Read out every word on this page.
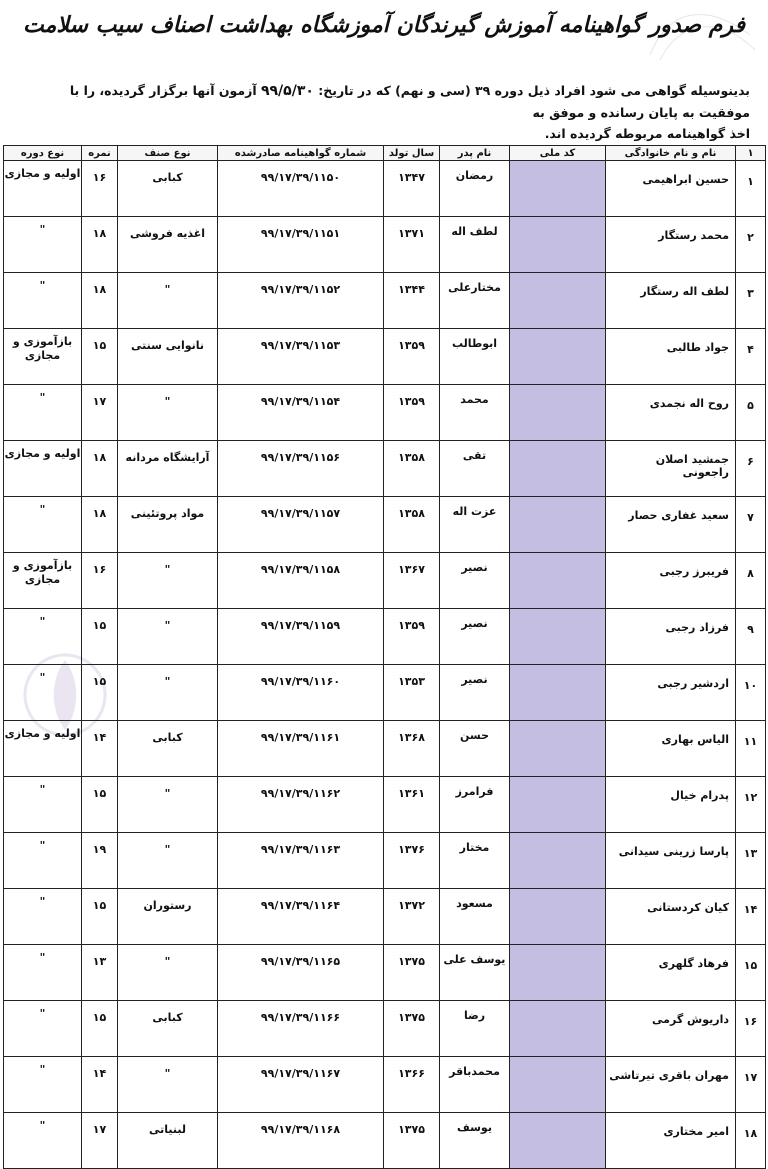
فرم صدور گواهینامه آموزش گیرندگان آموزشگاه بهداشت اصناف سیب سلامت
بدینوسیله گواهی می شود افراد ذیل دوره ۳۹ (سی و نهم) که در تاریخ: ۹۹/۵/۳۰ آزمون آنها برگزار گردیده، را با موفقیت به پایان رسانده و موفق به
اخذ گواهینامه مربوطه گردیده اند.
۱	نام و نام خانوادگی	کد ملی	نام پدر	سال تولد	شماره گواهینامه صادرشده	نوع صنف	نمره	نوع دوره
۱	حسین ابراهیمی		رمضان	۱۳۴۷	۹۹/۱۷/۳۹/۱۱۵۰	کبابی	۱۶	اولیه و مجازی
۲	محمد رستگار		لطف اله	۱۳۷۱	۹۹/۱۷/۳۹/۱۱۵۱	اغذیه فروشی	۱۸	"
۳	لطف اله رستگار		مختارعلی	۱۳۴۴	۹۹/۱۷/۳۹/۱۱۵۲	"	۱۸	"
۴	جواد طالبی		ابوطالب	۱۳۵۹	۹۹/۱۷/۳۹/۱۱۵۳	نانوایی سنتی	۱۵	بازآموزی و مجازی
۵	روح اله نجمدی		محمد	۱۳۵۹	۹۹/۱۷/۳۹/۱۱۵۴	"	۱۷	"
۶	جمشید اصلان راجعونی		تقی	۱۳۵۸	۹۹/۱۷/۳۹/۱۱۵۶	آرایشگاه مردانه	۱۸	اولیه و مجازی
۷	سعید غفاری حصار		عزت اله	۱۳۵۸	۹۹/۱۷/۳۹/۱۱۵۷	مواد پروتئینی	۱۸	"
۸	فریبرز رجبی		نصیر	۱۳۶۷	۹۹/۱۷/۳۹/۱۱۵۸	"	۱۶	بازآموزی و مجازی
۹	فرزاد رجبی		نصیر	۱۳۵۹	۹۹/۱۷/۳۹/۱۱۵۹	"	۱۵	"
۱۰	اردشیر رجبی		نصیر	۱۳۵۳	۹۹/۱۷/۳۹/۱۱۶۰	"	۱۵	"
۱۱	الیاس بهاری		حسن	۱۳۶۸	۹۹/۱۷/۳۹/۱۱۶۱	کبابی	۱۴	اولیه و مجازی
۱۲	پدرام خیال		فرامرز	۱۳۶۱	۹۹/۱۷/۳۹/۱۱۶۲	"	۱۵	"
۱۳	پارسا زرینی سیدانی		مختار	۱۳۷۶	۹۹/۱۷/۳۹/۱۱۶۳	"	۱۹	"
۱۴	کیان کردستانی		مسعود	۱۳۷۲	۹۹/۱۷/۳۹/۱۱۶۴	رستوران	۱۵	"
۱۵	فرهاد گلهری		یوسف علی	۱۳۷۵	۹۹/۱۷/۳۹/۱۱۶۵	"	۱۳	"
۱۶	داریوش گرمی		رضا	۱۳۷۵	۹۹/۱۷/۳۹/۱۱۶۶	کبابی	۱۵	"
۱۷	مهران باقری تیرتاشی		محمدباقر	۱۳۶۶	۹۹/۱۷/۳۹/۱۱۶۷	"	۱۴	"
۱۸	امیر مختاری		یوسف	۱۳۷۵	۹۹/۱۷/۳۹/۱۱۶۸	لبنیاتی	۱۷	"
